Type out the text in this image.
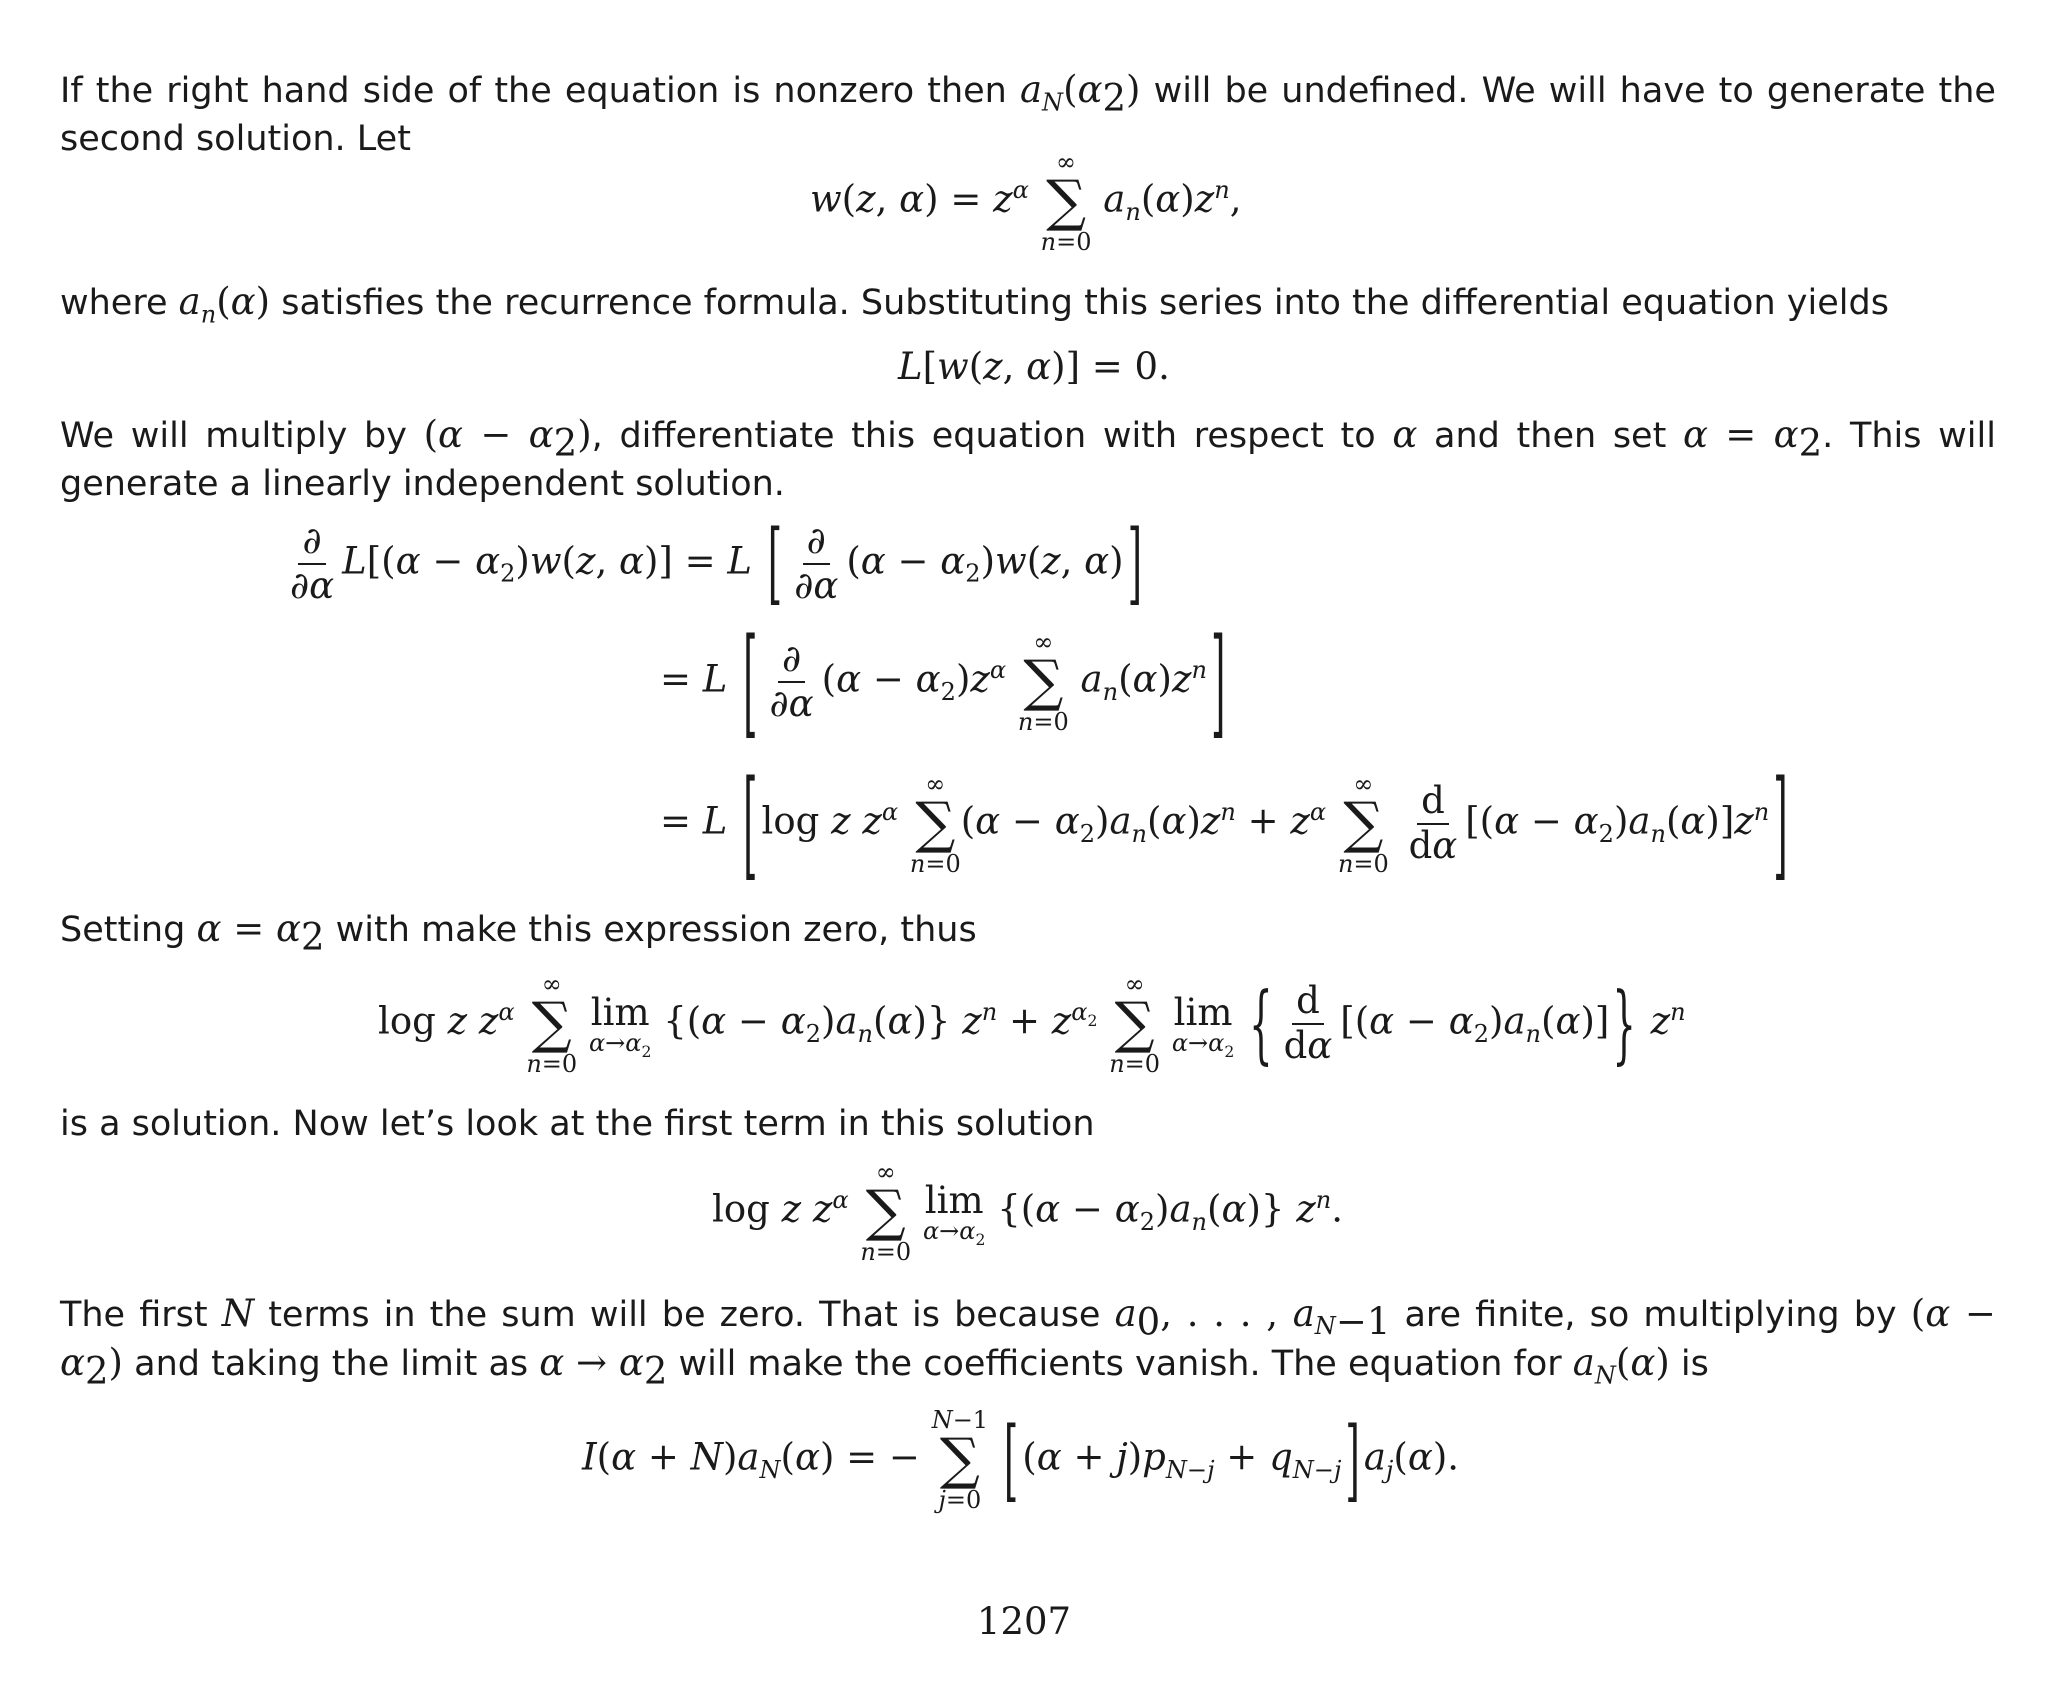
If the right hand side of the equation is nonzero then $a_N(\alpha_2)$ will be undefined. We will have to generate the second solution. Let

w(z, $\alpha) = z^\alpha$
∞
∑
n=0
$a_n(\alpha)z^n$,

where $a_n(\alpha)$ satisfies the recurrence formula. Substituting this series into the differential equation yields

L[w(z, α)] = 0.

We will multiply by $(\alpha - \alpha_2)$, differentiate this equation with respect to α and then set $\alpha = \alpha_2$. This will generate a linearly independent solution.

$\frac{\partial}{\partial\alpha} L[(\alpha - \alpha_2)w(z$, α)] = L [ $\frac{\partial}{\partial\alpha} (\alpha - \alpha_2)w(z$, α) ]
= L [ $\frac{\partial}{\partial\alpha} (\alpha - \alpha_2)z^\alpha$
∞
∑
n=0
$a_n(\alpha)z^n$ ]
= L [ log z $z^\alpha$
∞
∑
n=0
$(\alpha - \alpha_2)a_n(\alpha)z^n + z^\alpha$
∞
∑
n=0
$\frac{d}{d\alpha} [(\alpha - \alpha_2)a_n(\alpha)]z^n$ ]

Setting $\alpha = \alpha_2$ with make this expression zero, thus

log z $z^\alpha$
∞
∑
n=0

lim
$\alpha\to\alpha_2$
$\{(\alpha - \alpha_2)a_n(\alpha)\}$ $z^n + z^{\alpha_2}$
∞
∑
n=0

lim
$\alpha\to\alpha_2$ { $\frac{d}{d\alpha} [(\alpha - \alpha_2)a_n(\alpha)]$} $z^n$

is a solution. Now let’s look at the first term in this solution

log z $z^\alpha$
∞
∑
n=0

lim
$\alpha\to\alpha_2$
$\{(\alpha - \alpha_2)a_n(\alpha)\}$ $z^n$.

The first N terms in the sum will be zero. That is because $a_0$, . . . , $a_{N-1}$ are finite, so multiplying by $(\alpha - \alpha_2)$ and taking the limit as $\alpha \to \alpha_2$ will make the coefficients vanish. The equation for $a_N(\alpha)$ is

$I(\alpha + N)a_N(\alpha)$ = −
N−1
∑
j=0 [ $(\alpha + j)p_{N-j} + q_{N-j}$ ] $a_j(\alpha)$.
1207
